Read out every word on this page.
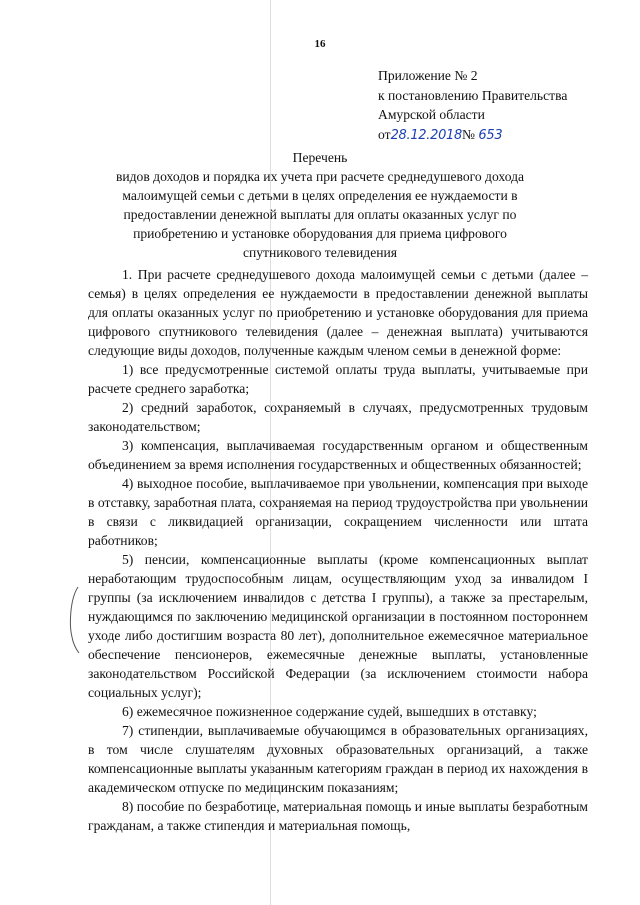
16
Приложение № 2
к постановлению Правительства
Амурской области
от28.12.2018№ 653
Перечень
видов доходов и порядка их учета при расчете среднедушевого дохода малоимущей семьи с детьми в целях определения ее нуждаемости в предоставлении денежной выплаты для оплаты оказанных услуг по приобретению и установке оборудования для приема цифрового спутникового телевидения

1. При расчете среднедушевого дохода малоимущей семьи с детьми (далее – семья) в целях определения ее нуждаемости в предоставлении денежной выплаты для оплаты оказанных услуг по приобретению и установке оборудования для приема цифрового спутникового телевидения (далее – денежная выплата) учитываются следующие виды доходов, полученные каждым членом семьи в денежной форме:

1) все предусмотренные системой оплаты труда выплаты, учитываемые при расчете среднего заработка;

2) средний заработок, сохраняемый в случаях, предусмотренных трудовым законодательством;

3) компенсация, выплачиваемая государственным органом и общественным объединением за время исполнения государственных и общественных обязанностей;

4) выходное пособие, выплачиваемое при увольнении, компенсация при выходе в отставку, заработная плата, сохраняемая на период трудоустройства при увольнении в связи с ликвидацией организации, сокращением численности или штата работников;

5) пенсии, компенсационные выплаты (кроме компенсационных выплат неработающим трудоспособным лицам, осуществляющим уход за инвалидом I группы (за исключением инвалидов с детства I группы), а также за престарелым, нуждающимся по заключению медицинской организации в постоянном постороннем уходе либо достигшим возраста 80 лет), дополнительное ежемесячное материальное обеспечение пенсионеров, ежемесячные денежные выплаты, установленные законодательством Российской Федерации (за исключением стоимости набора социальных услуг);

6) ежемесячное пожизненное содержание судей, вышедших в отставку;

7) стипендии, выплачиваемые обучающимся в образовательных организациях, в том числе слушателям духовных образовательных организаций, а также компенсационные выплаты указанным категориям граждан в период их нахождения в академическом отпуске по медицинским показаниям;

8) пособие по безработице, материальная помощь и иные выплаты безработным гражданам, а также стипендия и материальная помощь,
